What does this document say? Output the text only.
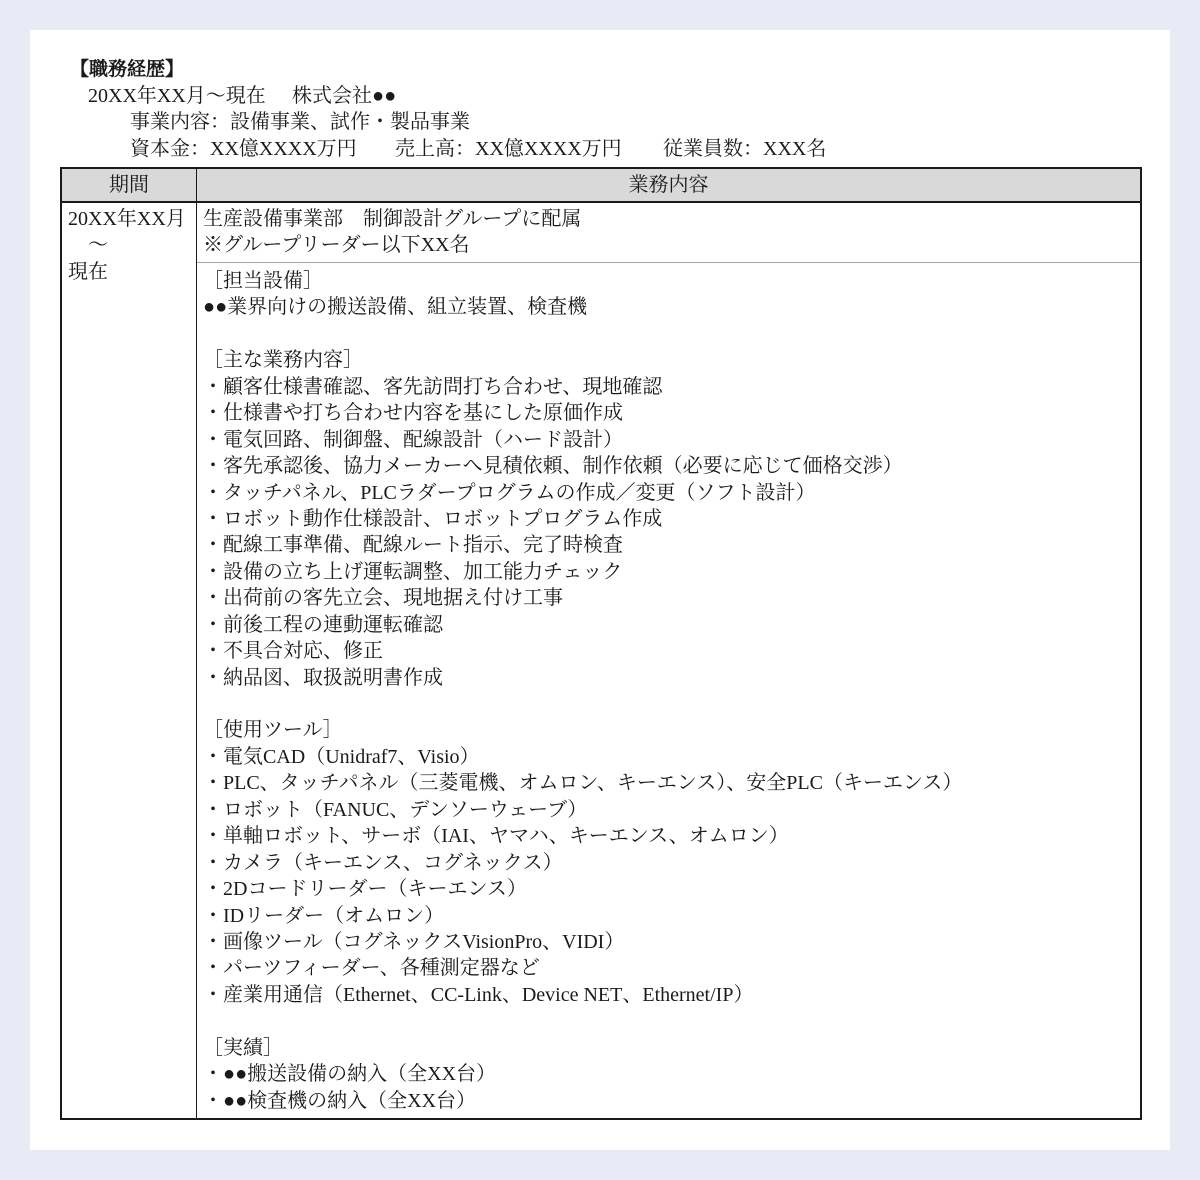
【職務経歴】
20XX年XX月～現在 株式会社●●
事業内容：設備事業、試作・製品事業
資本金：XX億XXXX万円 売上高：XX億XXXX万円 従業員数：XXX名
期間	業務内容
20XX年XX月
～
現在
生産設備事業部　制御設計グループに配属
※グループリーダー以下XX名
［担当設備］
●●業界向けの搬送設備、組立装置、検査機
［主な業務内容］
・顧客仕様書確認、客先訪問打ち合わせ、現地確認
・仕様書や打ち合わせ内容を基にした原価作成
・電気回路、制御盤、配線設計（ハード設計）
・客先承認後、協力メーカーへ見積依頼、制作依頼（必要に応じて価格交渉）
・タッチパネル、PLCラダープログラムの作成／変更（ソフト設計）
・ロボット動作仕様設計、ロボットプログラム作成
・配線工事準備、配線ルート指示、完了時検査
・設備の立ち上げ運転調整、加工能力チェック
・出荷前の客先立会、現地据え付け工事
・前後工程の連動運転確認
・不具合対応、修正
・納品図、取扱説明書作成
［使用ツール］
・電気CAD（Unidraf7、Visio）
・PLC、タッチパネル（三菱電機、オムロン、キーエンス）、安全PLC（キーエンス）
・ロボット（FANUC、デンソーウェーブ）
・単軸ロボット、サーボ（IAI、ヤマハ、キーエンス、オムロン）
・カメラ（キーエンス、コグネックス）
・2Dコードリーダー（キーエンス）
・IDリーダー（オムロン）
・画像ツール（コグネックスVisionPro、VIDI）
・パーツフィーダー、各種測定器など
・産業用通信（Ethernet、CC-Link、Device NET、Ethernet/IP）
［実績］
・●●搬送設備の納入（全XX台）
・●●検査機の納入（全XX台）
